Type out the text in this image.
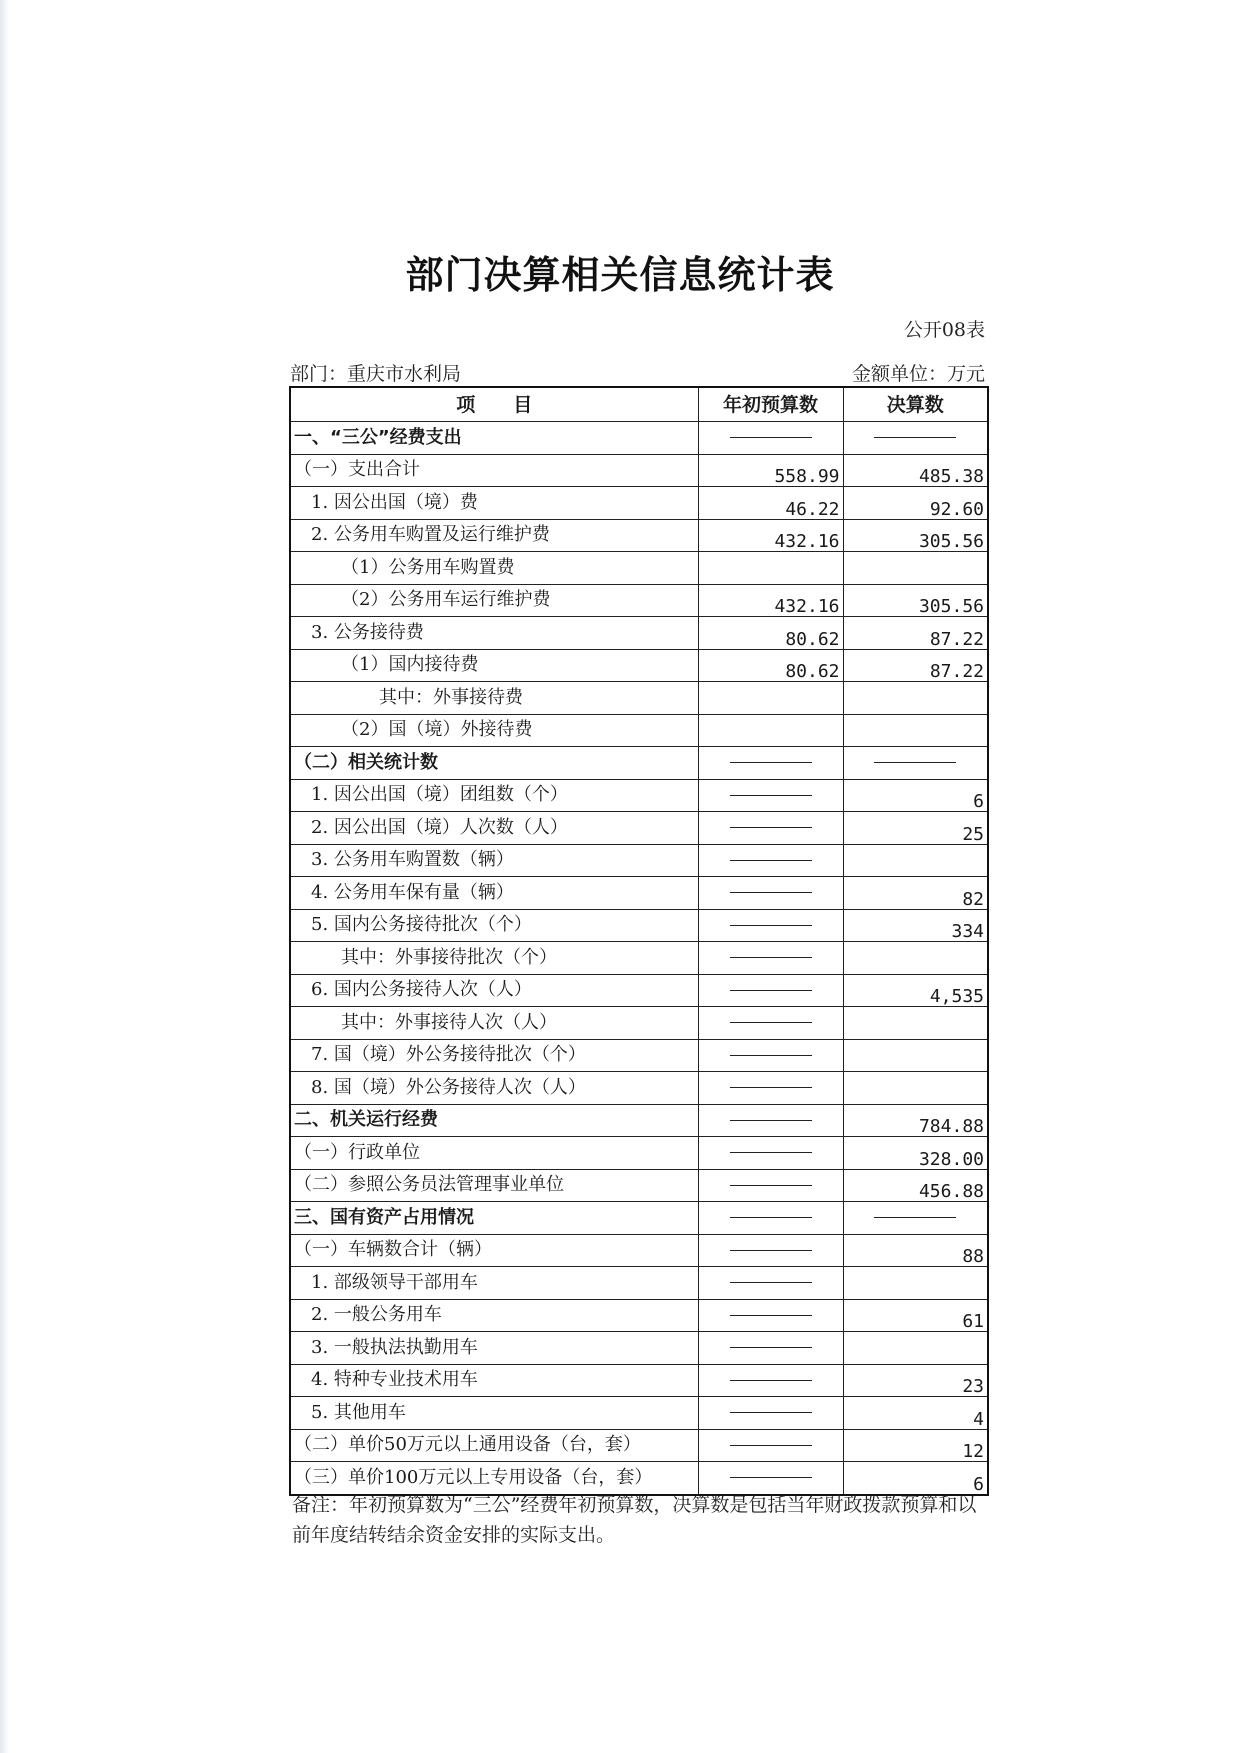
部门决算相关信息统计表
公开08表
部门：重庆市水利局	金额单位：万元
项　　目	年初预算数	决算数
一、“三公”经费支出	

（一）支出合计	558.99	485.38
1. 因公出国（境）费	46.22	92.60
2. 公务用车购置及运行维护费	432.16	305.56
（1）公务用车购置费		
（2）公务用车运行维护费	432.16	305.56
3. 公务接待费	80.62	87.22
（1）国内接待费	80.62	87.22
其中：外事接待费		
（2）国（境）外接待费		
（二）相关统计数	

1. 因公出国（境）团组数（个）		6
2. 因公出国（境）人次数（人）		25
3. 公务用车购置数（辆）	

4. 公务用车保有量（辆）		82
5. 国内公务接待批次（个）		334
其中：外事接待批次（个）	

6. 国内公务接待人次（人）		4,535
其中：外事接待人次（人）	

7. 国（境）外公务接待批次（个）	

8. 国（境）外公务接待人次（人）	

二、机关运行经费		784.88
（一）行政单位		328.00
（二）参照公务员法管理事业单位		456.88
三、国有资产占用情况	

（一）车辆数合计（辆）		88
1. 部级领导干部用车	

2. 一般公务用车		61
3. 一般执法执勤用车	

4. 特种专业技术用车		23
5. 其他用车		4
（二）单价50万元以上通用设备（台，套）		12
（三）单价100万元以上专用设备（台，套）		6
备注：年初预算数为“三公”经费年初预算数，决算数是包括当年财政拨款预算和以前年度结转结余资金安排的实际支出。
